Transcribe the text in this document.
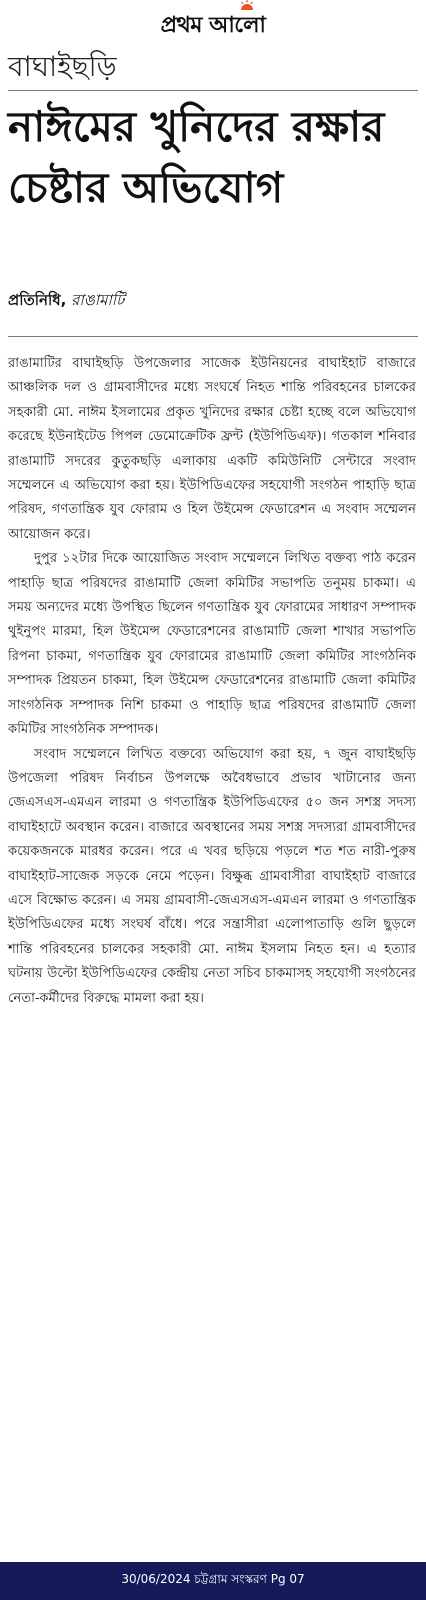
প্রথম আলো
বাঘাইছড়ি
নাঈমের খুনিদের রক্ষার চেষ্টার অভিযোগ
প্রতিনিধি, রাঙামাটি

রাঙামাটির বাঘাইছড়ি উপজেলার সাজেক ইউনিয়নের বাঘাইহাট বাজারে আঞ্চলিক দল ও গ্রামবাসীদের মধ্যে সংঘর্ষে নিহত শান্তি পরিবহনের চালকের সহকারী মো. নাঈম ইসলামের প্রকৃত খুনিদের রক্ষার চেষ্টা হচ্ছে বলে অভিযোগ করেছে ইউনাইটেড পিপল ডেমোক্রেটিক ফ্রন্ট (ইউপিডিএফ)। গতকাল শনিবার রাঙামাটি সদরের কুতুকছড়ি এলাকায় একটি কমিউনিটি সেন্টারে সংবাদ সম্মেলনে এ অভিযোগ করা হয়। ইউপিডিএফের সহযোগী সংগঠন পাহাড়ি ছাত্র পরিষদ, গণতান্ত্রিক যুব ফোরাম ও হিল উইমেন্স ফেডারেশন এ সংবাদ সম্মেলন আয়োজন করে।

দুপুর ১২টার দিকে আয়োজিত সংবাদ সম্মেলনে লিখিত বক্তব্য পাঠ করেন পাহাড়ি ছাত্র পরিষদের রাঙামাটি জেলা কমিটির সভাপতি তনুময় চাকমা। এ সময় অন্যদের মধ্যে উপস্থিত ছিলেন গণতান্ত্রিক যুব ফোরামের সাধারণ সম্পাদক থুইনুপং মারমা, হিল উইমেন্স ফেডারেশনের রাঙামাটি জেলা শাখার সভাপতি রিপনা চাকমা, গণতান্ত্রিক যুব ফোরামের রাঙামাটি জেলা কমিটির সাংগঠনিক সম্পাদক প্রিয়তন চাকমা, হিল উইমেন্স ফেডারেশনের রাঙামাটি জেলা কমিটির সাংগঠনিক সম্পাদক নিশি চাকমা ও পাহাড়ি ছাত্র পরিষদের রাঙামাটি জেলা কমিটির সাংগঠনিক সম্পাদক।

সংবাদ সম্মেলনে লিখিত বক্তব্যে অভিযোগ করা হয়, ৭ জুন বাঘাইছড়ি উপজেলা পরিষদ নির্বাচন উপলক্ষে অবৈধভাবে প্রভাব খাটানোর জন্য জেএসএস-এমএন লারমা ও গণতান্ত্রিক ইউপিডিএফের ৫০ জন সশস্ত্র সদস্য বাঘাইহাটে অবস্থান করেন। বাজারে অবস্থানের সময় সশস্ত্র সদস্যরা গ্রামবাসীদের কয়েকজনকে মারধর করেন। পরে এ খবর ছড়িয়ে পড়লে শত শত নারী-পুরুষ বাঘাইহাট-সাজেক সড়কে নেমে পড়েন। বিক্ষুব্ধ গ্রামবাসীরা বাঘাইহাট বাজারে এসে বিক্ষোভ করেন। এ সময় গ্রামবাসী-জেএসএস-এমএন লারমা ও গণতান্ত্রিক ইউপিডিএফের মধ্যে সংঘর্ষ বাঁধে। পরে সন্ত্রাসীরা এলোপাতাড়ি গুলি ছুড়লে শান্তি পরিবহনের চালকের সহকারী মো. নাঈম ইসলাম নিহত হন। এ হত্যার ঘটনায় উল্টো ইউপিডিএফের কেন্দ্রীয় নেতা সচিব চাকমাসহ সহযোগী সংগঠনের নেতা-কর্মীদের বিরুদ্ধে মামলা করা হয়।

30/06/2024 চট্টগ্রাম সংস্করণ Pg 07
